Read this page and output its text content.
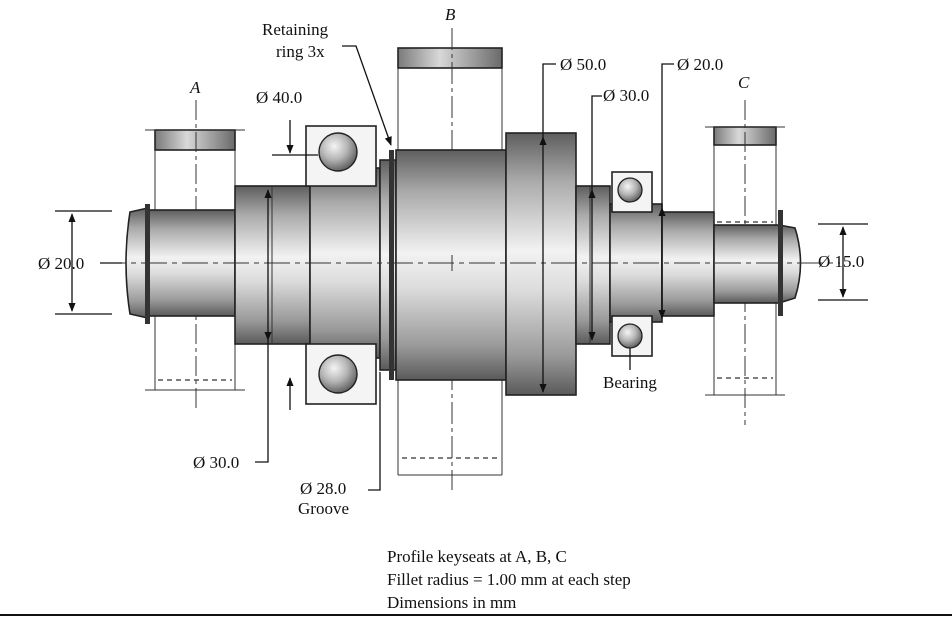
Ø 20.0	Ø 15.0
Ø 40.0
Ø 30.0
Ø 28.0
Groove
Retaining
ring 3x
Ø 50.0
Ø 30.0
Ø 20.0
Bearing
A
B
C
Profile keyseats at A, B, C
Fillet radius = 1.00 mm at each step
Dimensions in mm
